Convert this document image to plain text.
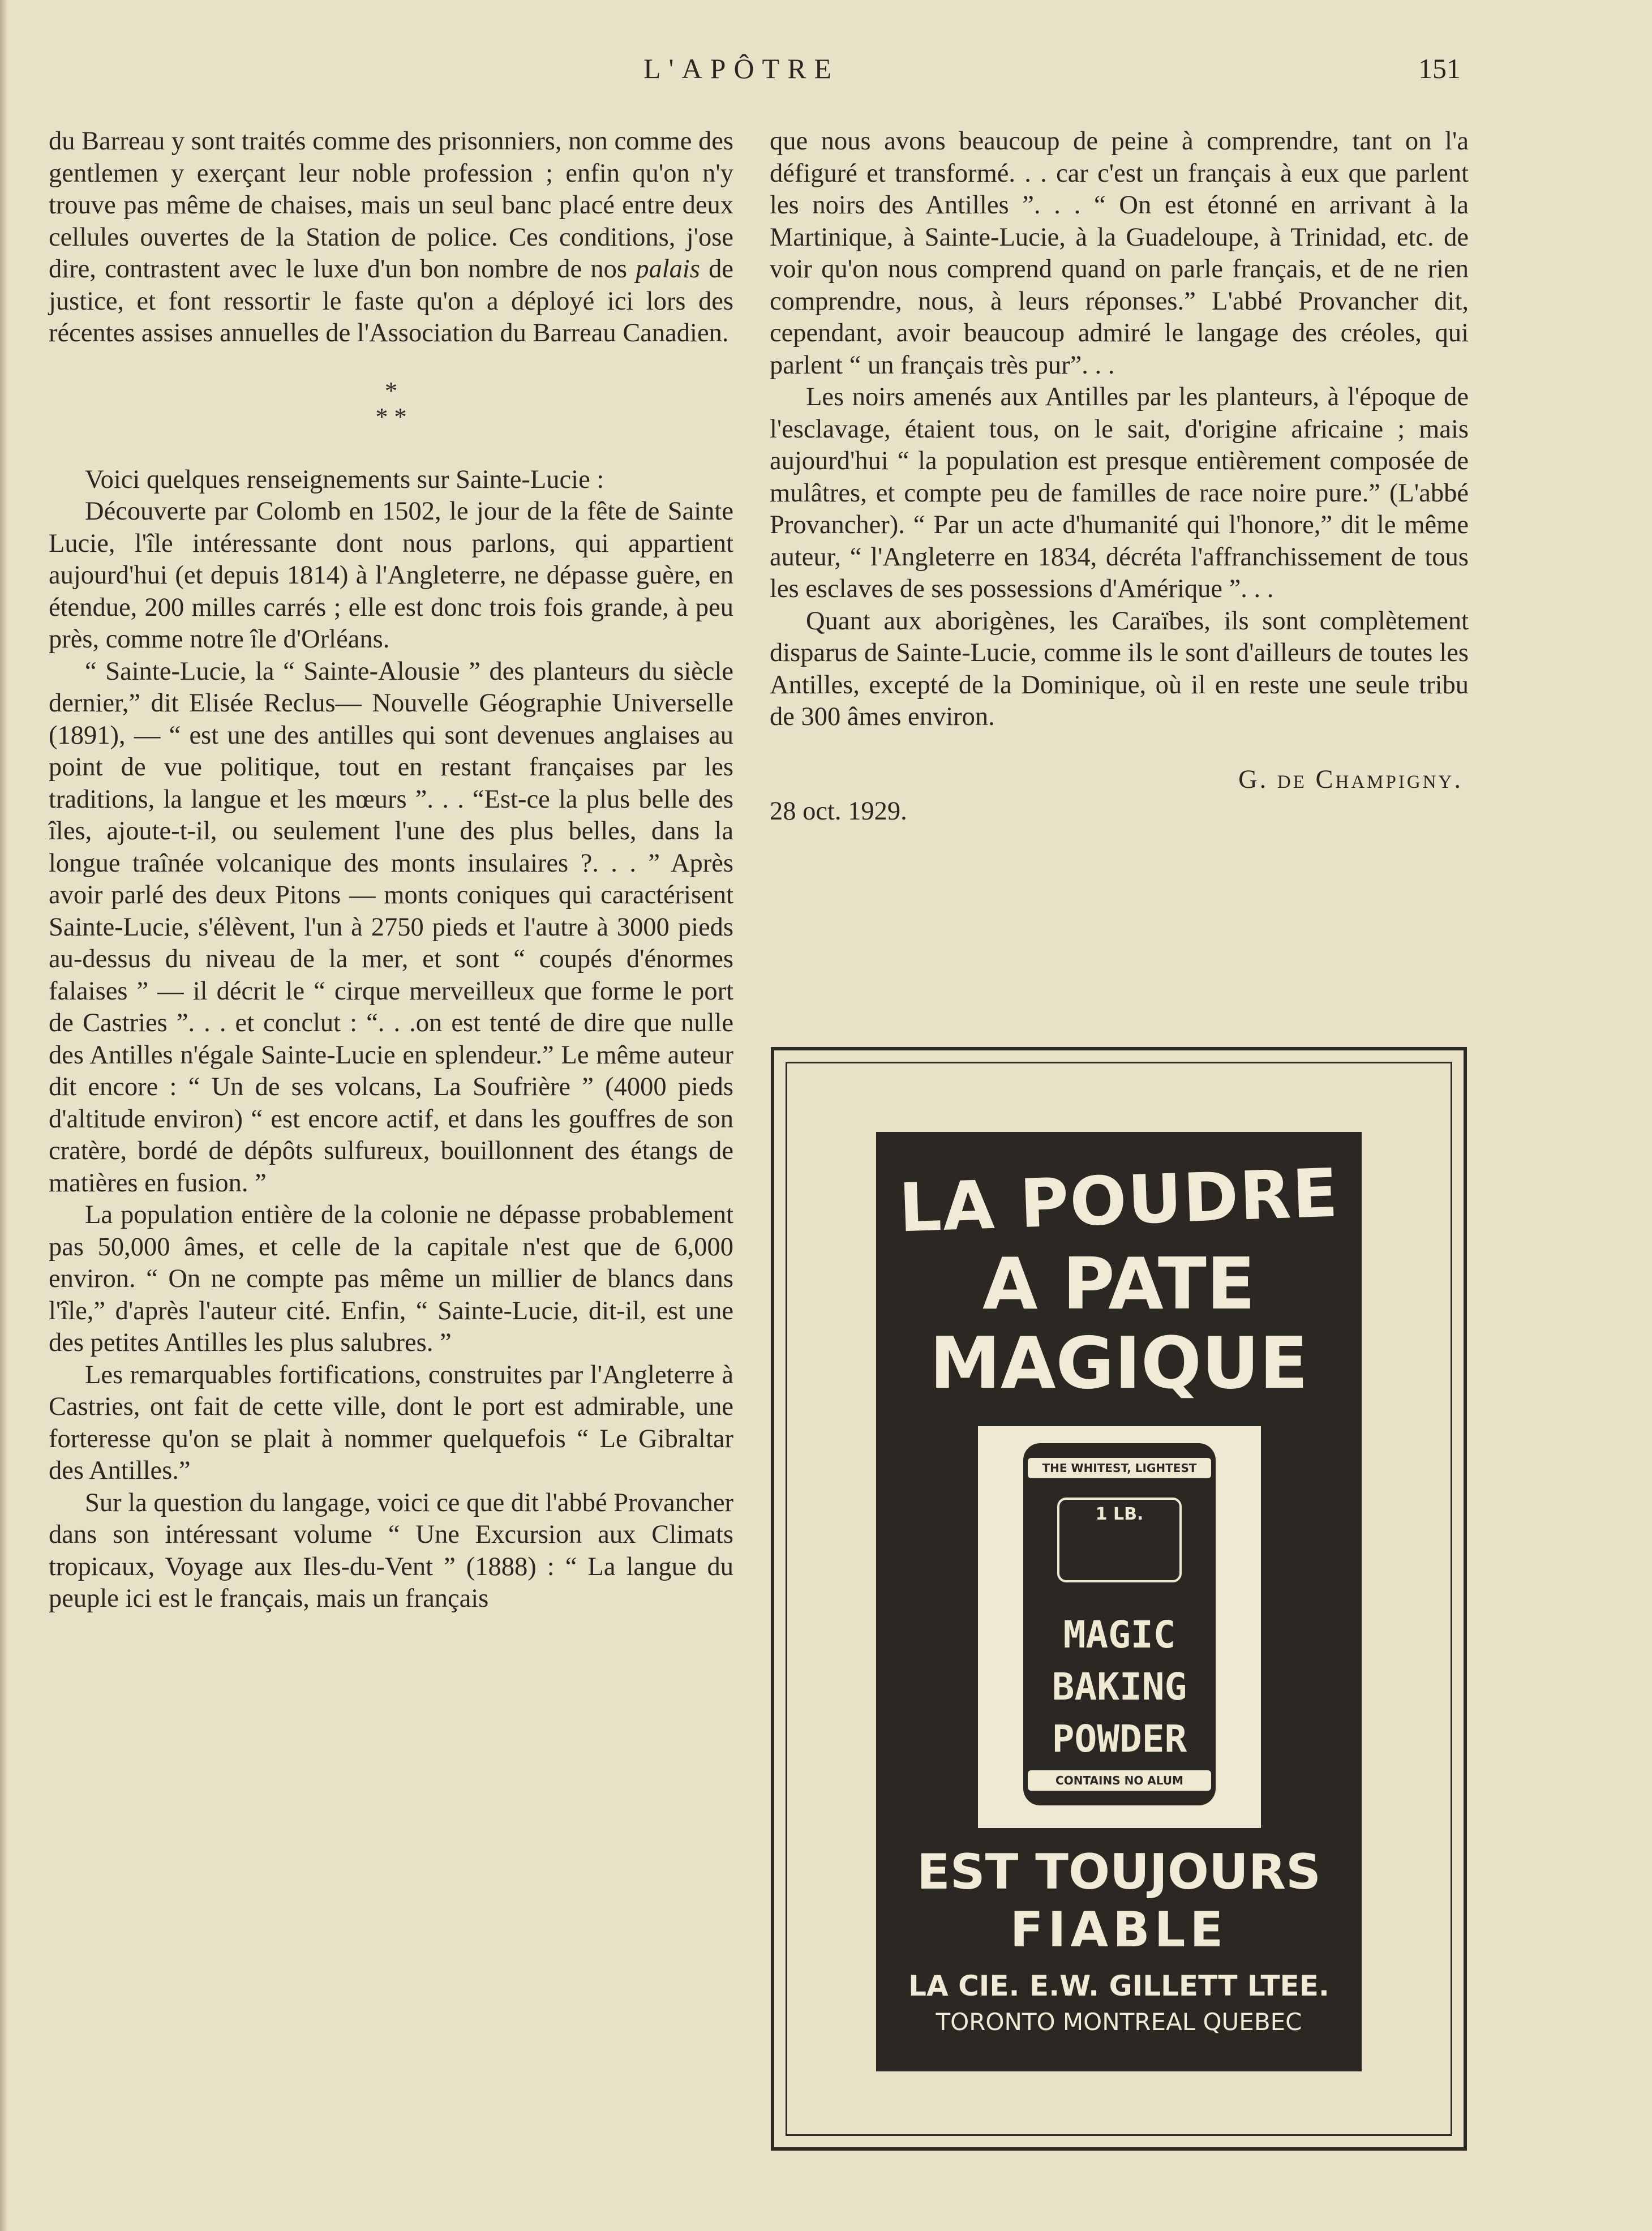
L'APÔTRE	151

du Barreau y sont traités comme des prisonniers, non comme des gentlemen y exerçant leur noble profession ; enfin qu'on n'y trouve pas même de chaises, mais un seul banc placé entre deux cellules ouvertes de la Station de police. Ces conditions, j'ose dire, contrastent avec le luxe d'un bon nombre de nos palais de justice, et font ressortir le faste qu'on a déployé ici lors des récentes assises annuelles de l'Association du Barreau Canadien.

*
* *

Voici quelques renseignements sur Sainte-Lucie :

Découverte par Colomb en 1502, le jour de la fête de Sainte Lucie, l'île intéressante dont nous parlons, qui appartient aujourd'hui (et depuis 1814) à l'Angleterre, ne dépasse guère, en étendue, 200 milles carrés ; elle est donc trois fois grande, à peu près, comme notre île d'Orléans.

“ Sainte-Lucie, la “ Sainte-Alousie ” des planteurs du siècle dernier,” dit Elisée Reclus— Nouvelle Géographie Universelle (1891), — “ est une des antilles qui sont devenues anglaises au point de vue politique, tout en restant françaises par les traditions, la langue et les mœurs ”. . . “Est-ce la plus belle des îles, ajoute-t-il, ou seulement l'une des plus belles, dans la longue traînée volcanique des monts insulaires ?. . . ” Après avoir parlé des deux Pitons — monts coniques qui caractérisent Sainte-Lucie, s'élèvent, l'un à 2750 pieds et l'autre à 3000 pieds au-dessus du niveau de la mer, et sont “ coupés d'énormes falaises ” — il décrit le “ cirque merveilleux que forme le port de Castries ”. . . et conclut : “. . .on est tenté de dire que nulle des Antilles n'égale Sainte-Lucie en splendeur.” Le même auteur dit encore : “ Un de ses volcans, La Soufrière ” (4000 pieds d'altitude environ) “ est encore actif, et dans les gouffres de son cratère, bordé de dépôts sulfureux, bouillonnent des étangs de matières en fusion. ”

La population entière de la colonie ne dépasse probablement pas 50,000 âmes, et celle de la capitale n'est que de 6,000 environ. “ On ne compte pas même un millier de blancs dans l'île,” d'après l'auteur cité. Enfin, “ Sainte-Lucie, dit-il, est une des petites Antilles les plus salubres. ”

Les remarquables fortifications, construites par l'Angleterre à Castries, ont fait de cette ville, dont le port est admirable, une forteresse qu'on se plait à nommer quelquefois “ Le Gibraltar des Antilles.”

Sur la question du langage, voici ce que dit l'abbé Provancher dans son intéressant volume “ Une Excursion aux Climats tropicaux, Voyage aux Iles-du-Vent ” (1888) : “ La langue du peuple ici est le français, mais un français

que nous avons beaucoup de peine à comprendre, tant on l'a défiguré et transformé. . . car c'est un français à eux que parlent les noirs des Antilles ”. . . “ On est étonné en arrivant à la Martinique, à Sainte-Lucie, à la Guadeloupe, à Trinidad, etc. de voir qu'on nous comprend quand on parle français, et de ne rien comprendre, nous, à leurs réponses.” L'abbé Provancher dit, cependant, avoir beaucoup admiré le langage des créoles, qui parlent “ un français très pur”. . .

Les noirs amenés aux Antilles par les planteurs, à l'époque de l'esclavage, étaient tous, on le sait, d'origine africaine ; mais aujourd'hui “ la population est presque entièrement composée de mulâtres, et compte peu de familles de race noire pure.” (L'abbé Provancher). “ Par un acte d'humanité qui l'honore,” dit le même auteur, “ l'Angleterre en 1834, décréta l'affranchissement de tous les esclaves de ses possessions d'Amérique ”. . .

Quant aux aborigènes, les Caraïbes, ils sont complètement disparus de Sainte-Lucie, comme ils le sont d'ailleurs de toutes les Antilles, excepté de la Dominique, où il en reste une seule tribu de 300 âmes environ.

G. de Champigny.

28 oct. 1929.

LA POUDRE
A PATE
MAGIQUE
THE WHITEST, LIGHTEST
1 LB.
MAGIC
BAKING
POWDER
CONTAINS NO ALUM
EST TOUJOURS
FIABLE
LA CIE. E.W. GILLETT LTEE.
TORONTO MONTREAL QUEBEC
